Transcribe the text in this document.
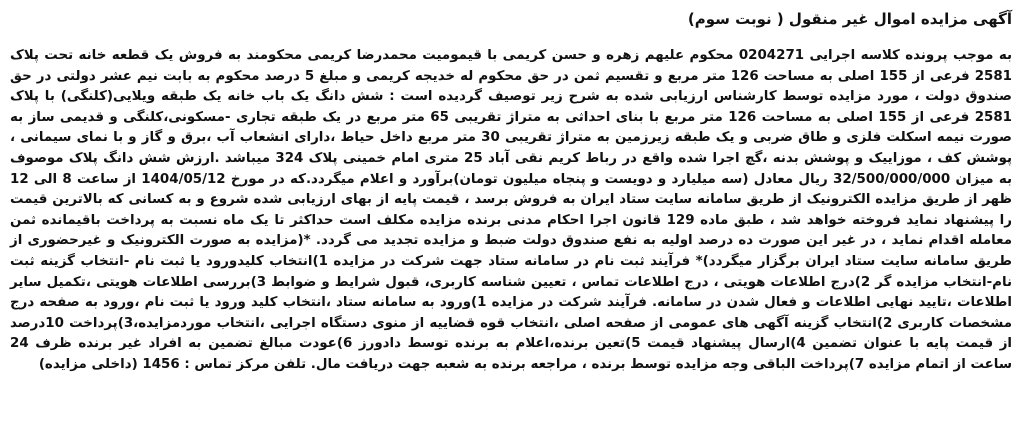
آگهی مزایده اموال غیر منقول ( نوبت سوم)
به موجب پرونده کلاسه اجرایی 0204271 محکوم علیهم زهره و حسن کریمی با قیمومیت محمدرضا کریمی محکومند به فروش یک قطعه خانه تحت پلاک 2581 فرعی از 155 اصلی به مساحت 126 متر مربع و تقسیم ثمن در حق محکوم له خدیجه کریمی و مبلغ 5 درصد محکوم به بابت نیم عشر دولتی در حق صندوق دولت ، مورد مزایده توسط کارشناس ارزیابی شده به شرح زیر توصیف گردیده است : شش دانگ یک باب خانه یک طبقه ویلایی(کلنگی) با پلاک 2581 فرعی از 155 اصلی به مساحت 126 متر مربع با بنای احداثی به متراژ تقریبی 65 متر مربع در یک طبقه تجاری -مسکونی،کلنگی و قدیمی ساز به صورت نیمه اسکلت فلزی و طاق ضربی و یک طبقه زیرزمین به متراژ تقریبی 30 متر مربع داخل حیاط ،دارای انشعاب آب ،برق و گاز و با نمای سیمانی ، پوشش کف ، موزاییک و پوشش بدنه ،گچ اجرا شده واقع در رباط کریم نقی آباد 25 متری امام خمینی پلاک 324 میباشد .ارزش شش دانگ پلاک موصوف به میزان 32/500/000/000 ریال معادل (سه میلیارد و دویست و پنجاه میلیون تومان)برآورد و اعلام میگردد.که در مورخ 1404/05/12 از ساعت 8 الی 12 ظهر از طریق مزایده الکترونیک از طریق سامانه سایت ستاد ایران به فروش برسد ، قیمت پایه از بهای ارزیابی شده شروع و به کسانی که بالاترین قیمت را پیشنهاد نماید فروخته خواهد شد ، طبق ماده 129 قانون اجرا احکام مدنی برنده مزایده مکلف است حداکثر تا یک ماه نسبت به پرداخت باقیمانده ثمن معامله اقدام نماید ، در غیر این صورت ده درصد اولیه به نفع صندوق دولت ضبط و مزایده تجدید می گردد. *(مزایده به صورت الکترونیک و غیرحضوری از طریق سامانه سایت ستاد ایران برگزار میگردد)* فرآیند ثبت نام در سامانه ستاد جهت شرکت در مزایده 1)انتخاب کلیدورود یا ثبت نام -انتخاب گزینه ثبت نام-انتخاب مزایده گر 2)درج اطلاعات هویتی ، درج اطلاعات تماس ، تعیین شناسه کاربری، قبول شرایط و ضوابط 3)بررسی اطلاعات هویتی ،تکمیل سایر اطلاعات ،تایید نهایی اطلاعات و فعال شدن در سامانه. فرآیند شرکت در مزایده 1)ورود به سامانه ستاد ،انتخاب کلید ورود یا ثبت نام ،ورود به صفحه درج مشخصات کاربری 2)انتخاب گزینه آگهی های عمومی از صفحه اصلی ،انتخاب قوه قضاییه از منوی دستگاه اجرایی ،انتخاب موردمزایده،3)پرداخت 10درصد از قیمت پایه با عنوان تضمین 4)ارسال پیشنهاد قیمت 5)تعین برنده،اعلام به برنده توسط دادورز 6)عودت مبالغ تضمین به افراد غیر برنده ظرف 24 ساعت از اتمام مزایده 7)پرداخت الباقی وجه مزایده توسط برنده ، مراجعه برنده به شعبه جهت دریافت مال. تلفن مرکز تماس : 1456 (داخلی مزایده)
